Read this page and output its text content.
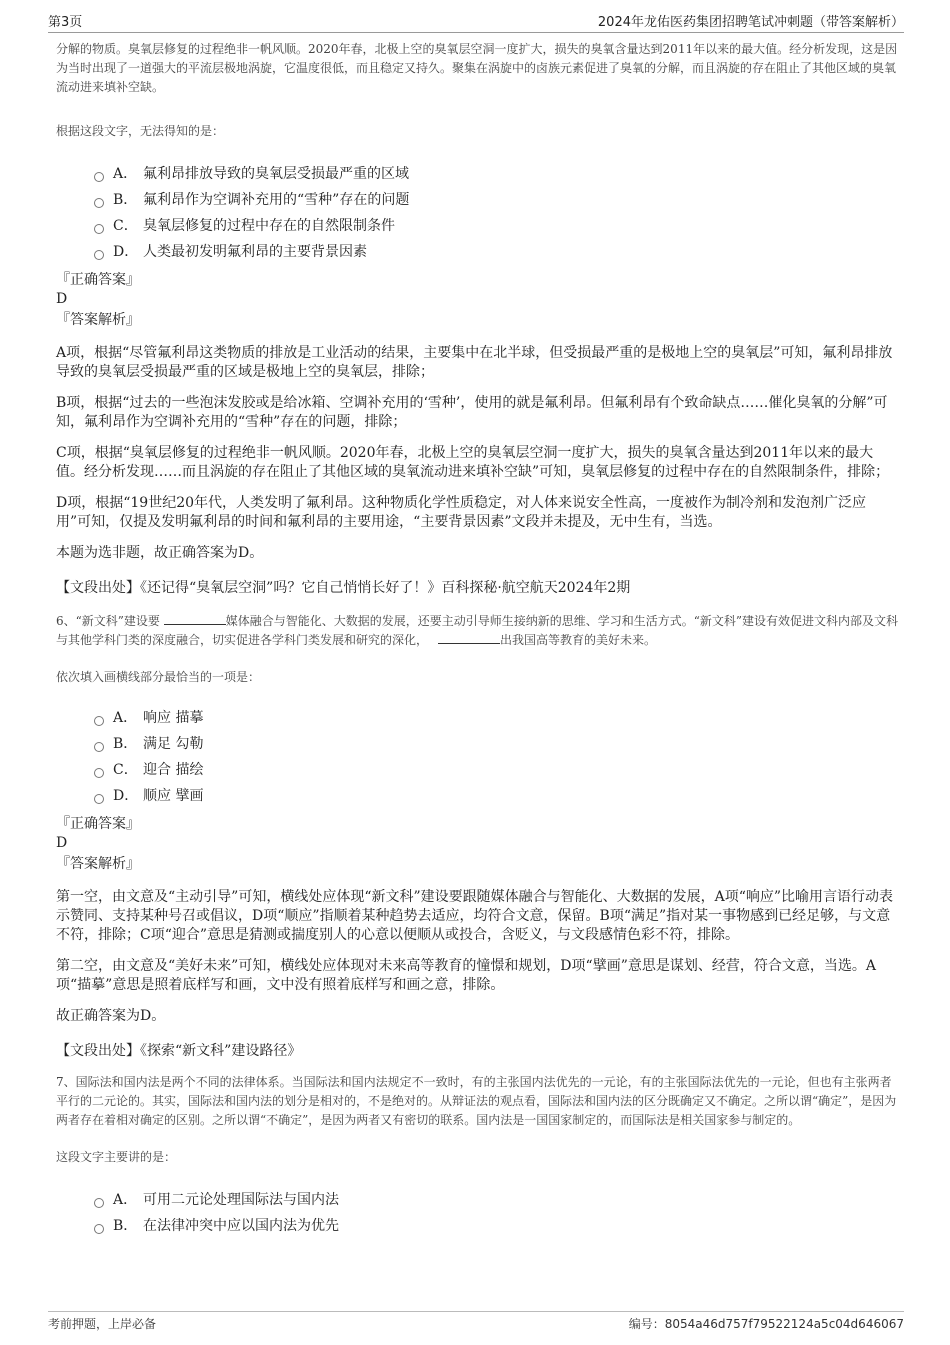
第3页	2024年龙佑医药集团招聘笔试冲刺题（带答案解析）

分解的物质。臭氧层修复的过程绝非一帆风顺。2020年春，北极上空的臭氧层空洞一度扩大，损失的臭氧含量达到2011年以来的最大值。经分析发现，这是因为当时出现了一道强大的平流层极地涡旋，它温度很低，而且稳定又持久。聚集在涡旋中的卤族元素促进了臭氧的分解，而且涡旋的存在阻止了其他区域的臭氧流动进来填补空缺。

根据这段文字，无法得知的是：

A． 氟利昂排放导致的臭氧层受损最严重的区域
B． 氟利昂作为空调补充用的“雪种”存在的问题
C． 臭氧层修复的过程中存在的自然限制条件
D． 人类最初发明氟利昂的主要背景因素
『正确答案』
D
『答案解析』

A项，根据“尽管氟利昂这类物质的排放是工业活动的结果，主要集中在北半球，但受损最严重的是极地上空的臭氧层”可知，氟利昂排放导致的臭氧层受损最严重的区域是极地上空的臭氧层，排除；

B项，根据“过去的一些泡沫发胶或是给冰箱、空调补充用的‘雪种’，使用的就是氟利昂。但氟利昂有个致命缺点……催化臭氧的分解”可知，氟利昂作为空调补充用的“雪种”存在的问题，排除；

C项，根据“臭氧层修复的过程绝非一帆风顺。2020年春，北极上空的臭氧层空洞一度扩大，损失的臭氧含量达到2011年以来的最大值。经分析发现……而且涡旋的存在阻止了其他区域的臭氧流动进来填补空缺”可知，臭氧层修复的过程中存在的自然限制条件，排除；

D项，根据“19世纪20年代，人类发明了氟利昂。这种物质化学性质稳定，对人体来说安全性高，一度被作为制冷剂和发泡剂广泛应用”可知，仅提及发明氟利昂的时间和氟利昂的主要用途，“主要背景因素”文段并未提及，无中生有，当选。

本题为选非题，故正确答案为D。

【文段出处】《还记得“臭氧层空洞”吗？它自己悄悄长好了！》百科探秘·航空航天2024年2期

6、“新文科”建设要	媒体融合与智能化、大数据的发展，还要主动引导师生接纳新的思维、学习和生活方式。“新文科”建设有效促进文科内部及文科与其他学科门类的深度融合，切实促进各学科门类发展和研究的深化，	出我国高等教育的美好未来。

依次填入画横线部分最恰当的一项是：

A． 响应 描摹
B． 满足 勾勒
C． 迎合 描绘
D． 顺应 擘画
『正确答案』
D
『答案解析』

第一空，由文意及“主动引导”可知，横线处应体现“新文科”建设要跟随媒体融合与智能化、大数据的发展，A项“响应”比喻用言语行动表示赞同、支持某种号召或倡议，D项“顺应”指顺着某种趋势去适应，均符合文意，保留。B项“满足”指对某一事物感到已经足够，与文意不符，排除；C项“迎合”意思是猜测或揣度别人的心意以便顺从或投合，含贬义，与文段感情色彩不符，排除。

第二空，由文意及“美好未来”可知，横线处应体现对未来高等教育的憧憬和规划，D项“擘画”意思是谋划、经营，符合文意，当选。A项“描摹”意思是照着底样写和画，文中没有照着底样写和画之意，排除。

故正确答案为D。

【文段出处】《探索“新文科”建设路径》

7、国际法和国内法是两个不同的法律体系。当国际法和国内法规定不一致时，有的主张国内法优先的一元论，有的主张国际法优先的一元论，但也有主张两者平行的二元论的。其实，国际法和国内法的划分是相对的，不是绝对的。从辩证法的观点看，国际法和国内法的区分既确定又不确定。之所以谓“确定”，是因为两者存在着相对确定的区别。之所以谓“不确定”，是因为两者又有密切的联系。国内法是一国国家制定的，而国际法是相关国家参与制定的。

这段文字主要讲的是：

A． 可用二元论处理国际法与国内法
B． 在法律冲突中应以国内法为优先
考前押题，上岸必备	编号：8054a46d757f79522124a5c04d646067
